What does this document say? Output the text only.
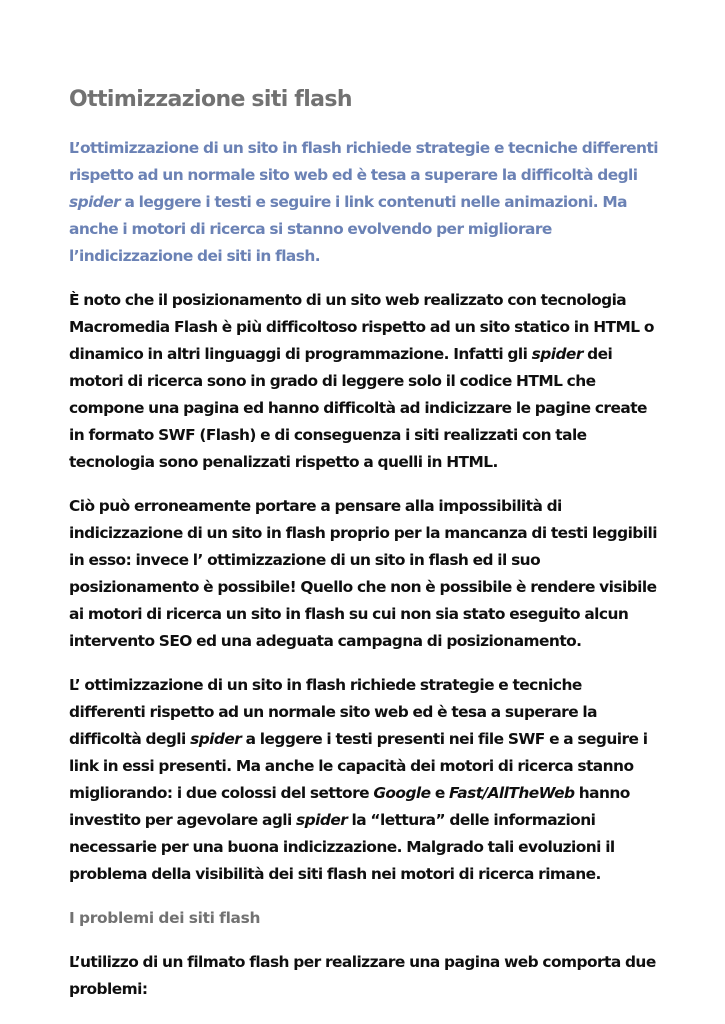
Ottimizzazione siti flash

L’ottimizzazione di un sito in flash richiede strategie e tecniche differenti rispetto ad un normale sito web ed è tesa a superare la difficoltà degli spider a leggere i testi e seguire i link contenuti nelle animazioni. Ma anche i motori di ricerca si stanno evolvendo per migliorare l’indicizzazione dei siti in flash.

È noto che il posizionamento di un sito web realizzato con tecnologia Macromedia Flash è più difficoltoso rispetto ad un sito statico in HTML o dinamico in altri linguaggi di programmazione. Infatti gli spider dei motori di ricerca sono in grado di leggere solo il codice HTML che compone una pagina ed hanno difficoltà ad indicizzare le pagine create in formato SWF (Flash) e di conseguenza i siti realizzati con tale tecnologia sono penalizzati rispetto a quelli in HTML.

Ciò può erroneamente portare a pensare alla impossibilità di indicizzazione di un sito in flash proprio per la mancanza di testi leggibili in esso: invece l’ ottimizzazione di un sito in flash ed il suo posizionamento è possibile! Quello che non è possibile è rendere visibile ai motori di ricerca un sito in flash su cui non sia stato eseguito alcun intervento SEO ed una adeguata campagna di posizionamento.

L’ ottimizzazione di un sito in flash richiede strategie e tecniche differenti rispetto ad un normale sito web ed è tesa a superare la difficoltà degli spider a leggere i testi presenti nei file SWF e a seguire i link in essi presenti. Ma anche le capacità dei motori di ricerca stanno migliorando: i due colossi del settore Google e Fast/AllTheWeb hanno investito per agevolare agli spider la “lettura” delle informazioni necessarie per una buona indicizzazione. Malgrado tali evoluzioni il problema della visibilità dei siti flash nei motori di ricerca rimane.

I problemi dei siti flash

L’utilizzo di un filmato flash per realizzare una pagina web comporta due problemi:
